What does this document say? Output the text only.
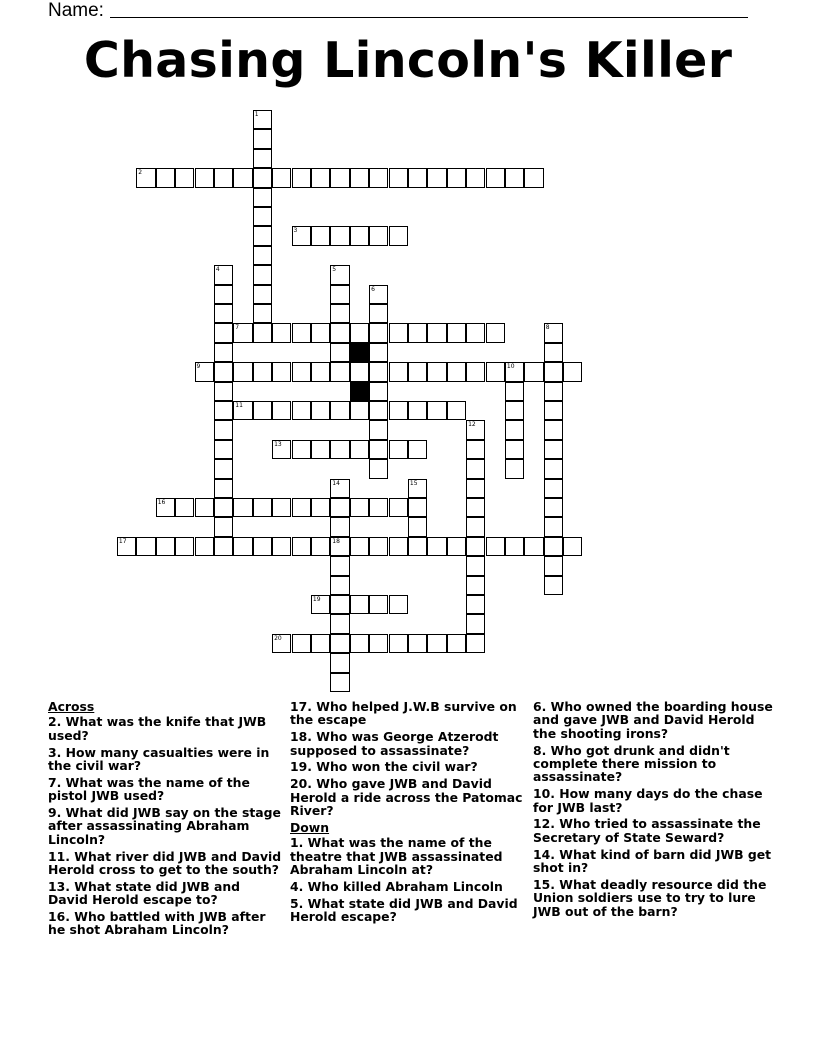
Name:
Chasing Lincoln's Killer
1
2
3
4	5
6
7	8
9	10
11
12
13
14
18
15
16
17
19
20
Across
2. What was the knife that JWB used?
3. How many casualties were in the civil war?
7. What was the name of the pistol JWB used?
9. What did JWB say on the stage after assassinating Abraham Lincoln?
11. What river did JWB and David Herold cross to get to the south?
13. What state did JWB and David Herold escape to?
16. Who battled with JWB after he shot Abraham Lincoln?
17. Who helped J.W.B survive on the escape
18. Who was George Atzerodt supposed to assassinate?
19. Who won the civil war?
20. Who gave JWB and David Herold a ride across the Patomac River?
Down
1. What was the name of the theatre that JWB assassinated Abraham Lincoln at?
4. Who killed Abraham Lincoln
5. What state did JWB and David Herold escape?
6. Who owned the boarding house and gave JWB and David Herold the shooting irons?
8. Who got drunk and didn't complete there mission to assassinate?
10. How many days do the chase for JWB last?
12. Who tried to assassinate the Secretary of State Seward?
14. What kind of barn did JWB get shot in?
15. What deadly resource did the Union soldiers use to try to lure JWB out of the barn?
